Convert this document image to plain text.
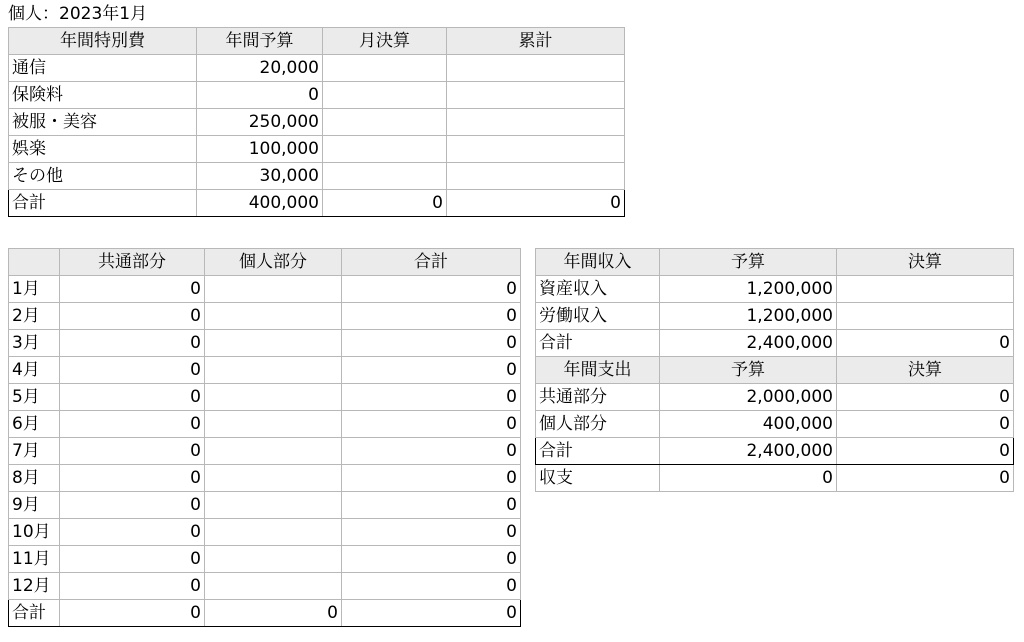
個人：2023年1月
年間特別費	年間予算	月決算	累計
通信	20,000		
保険料	0		
被服・美容	250,000		
娯楽	100,000		
その他	30,000		
合計	400,000	0	0
	共通部分	個人部分	合計
1月	0		0
2月	0		0
3月	0		0
4月	0		0
5月	0		0
6月	0		0
7月	0		0
8月	0		0
9月	0		0
10月	0		0
11月	0		0
12月	0		0
合計	0	0	0
年間収入	予算	決算
資産収入	1,200,000	
労働収入	1,200,000	
合計	2,400,000	0
年間支出	予算	決算
共通部分	2,000,000	0
個人部分	400,000	0
合計	2,400,000	0
収支	0	0
